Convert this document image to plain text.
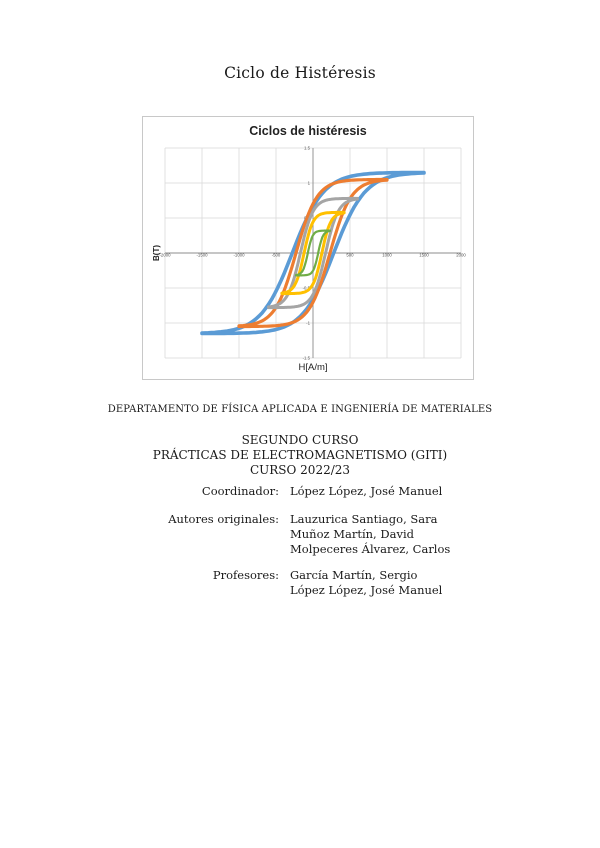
Ciclo de Histéresis
Ciclos de histéresis
-2000	-1500	-1000	-500	500	1000	1500	2000
1.5
1
0.5
-0.5
-1
-1.5
B(T)
H[A/m]
DEPARTAMENTO DE FÍSICA APLICADA E INGENIERÍA DE MATERIALES
SEGUNDO CURSO
PRÁCTICAS DE ELECTROMAGNETISMO (GITI)
CURSO 2022/23
Coordinador: López López, José Manuel
Autores originales: Lauzurica Santiago, Sara
Muñoz Martín, David
Molpeceres Álvarez, Carlos
Profesores: García Martín, Sergio
López López, José Manuel
